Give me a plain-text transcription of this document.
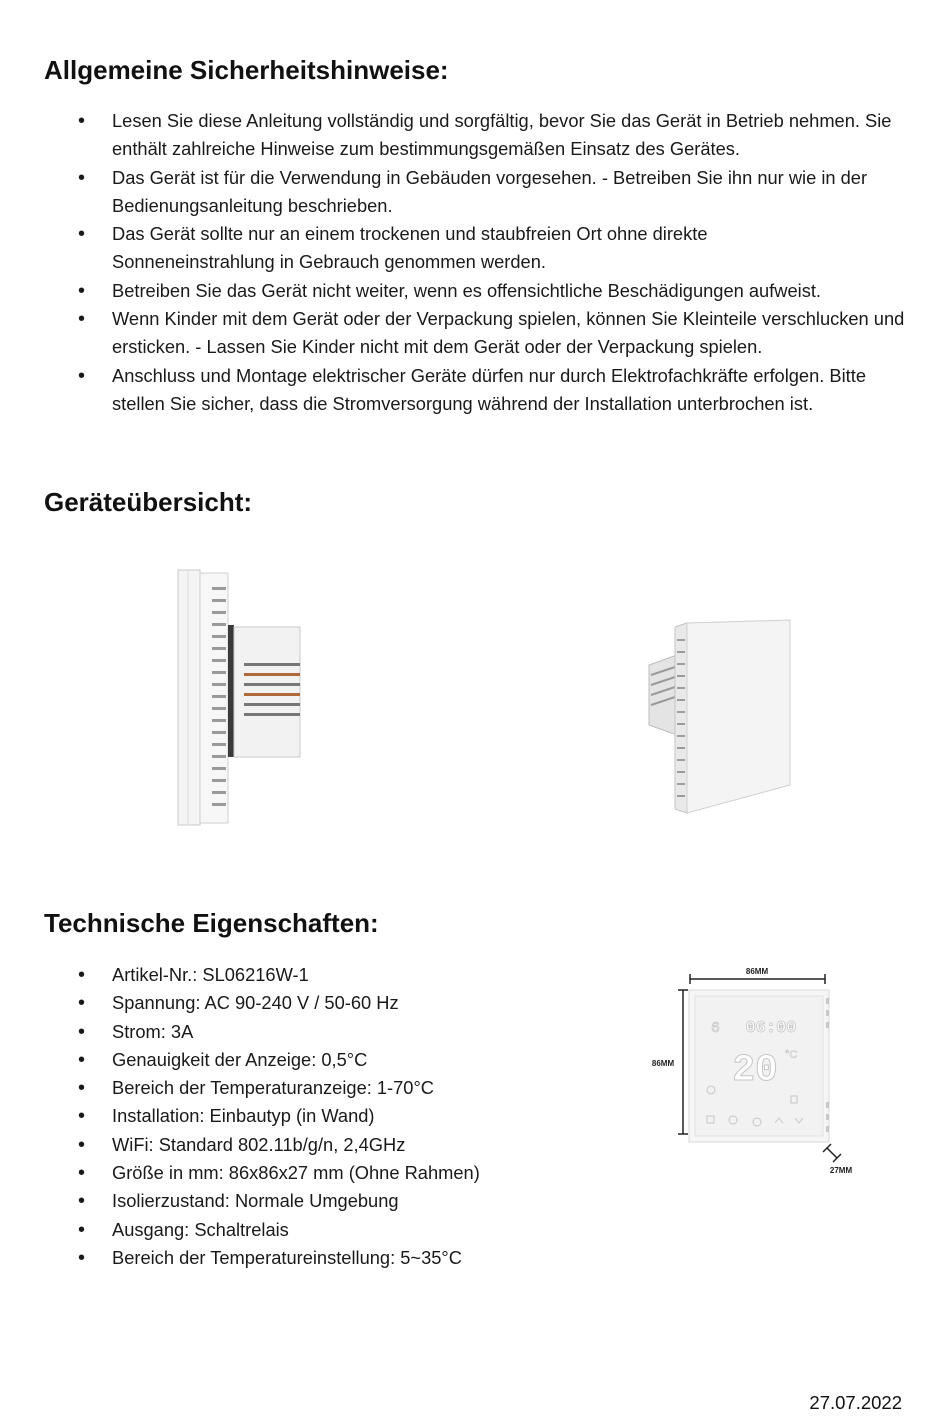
Allgemeine Sicherheitshinweise:
• Lesen Sie diese Anleitung vollständig und sorgfältig, bevor Sie das Gerät in Betrieb nehmen. Sie enthält zahlreiche Hinweise zum bestimmungsgemäßen Einsatz des Gerätes.
• Das Gerät ist für die Verwendung in Gebäuden vorgesehen. - Betreiben Sie ihn nur wie in der Bedienungsanleitung beschrieben.
• Das Gerät sollte nur an einem trockenen und staubfreien Ort ohne direkte Sonneneinstrahlung in Gebrauch genommen werden.
• Betreiben Sie das Gerät nicht weiter, wenn es offensichtliche Beschädigungen aufweist.
• Wenn Kinder mit dem Gerät oder der Verpackung spielen, können Sie Kleinteile verschlucken und ersticken. - Lassen Sie Kinder nicht mit dem Gerät oder der Verpackung spielen.
• Anschluss und Montage elektrischer Geräte dürfen nur durch Elektrofachkräfte erfolgen. Bitte stellen Sie sicher, dass die Stromversorgung während der Installation unterbrochen ist.
Geräteübersicht:
Technische Eigenschaften:
• Artikel-Nr.: SL06216W-1
• Spannung: AC 90-240 V / 50-60 Hz
• Strom: 3A
• Genauigkeit der Anzeige: 0,5°C
• Bereich der Temperaturanzeige: 1-70°C
• Installation: Einbautyp (in Wand)
• WiFi: Standard 802.11b/g/n, 2,4GHz
• Größe in mm: 86x86x27 mm (Ohne Rahmen)
• Isolierzustand: Normale Umgebung
• Ausgang: Schaltrelais
• Bereich der Temperatureinstellung: 5~35°C
86MM
86MM
06:00
6
20 °C
27MM
27.07.2022
